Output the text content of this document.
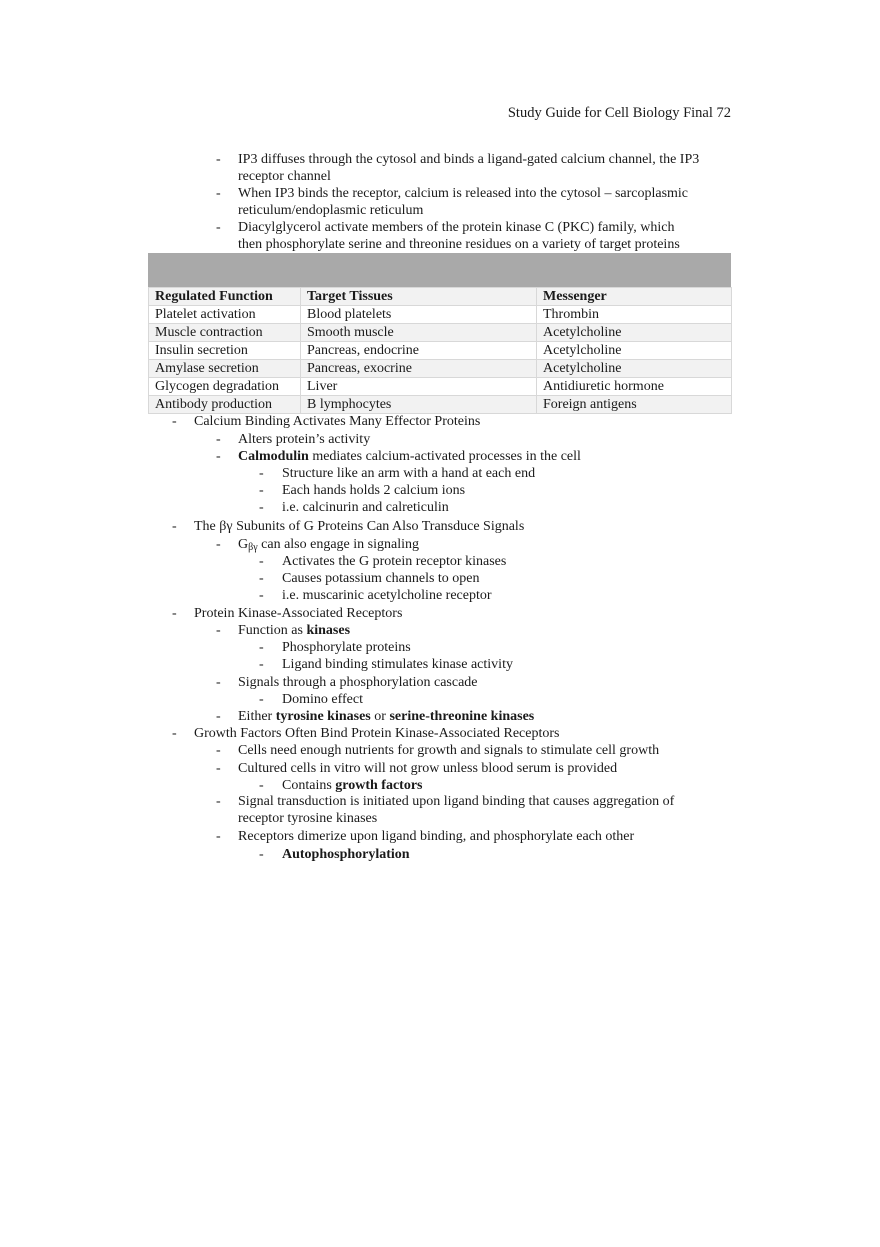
Study Guide for Cell Biology Final 72
- IP3 diffuses through the cytosol and binds a ligand-gated calcium channel, the IP3
receptor channel
- When IP3 binds the receptor, calcium is released into the cytosol – sarcoplasmic
reticulum/endoplasmic reticulum
- Diacylglycerol activate members of the protein kinase C (PKC) family, which
then phosphorylate serine and threonine residues on a variety of target proteins
Regulated Function	Target Tissues	Messenger
Platelet activation	Blood platelets	Thrombin
Muscle contraction	Smooth muscle	Acetylcholine
Insulin secretion	Pancreas, endocrine	Acetylcholine
Amylase secretion	Pancreas, exocrine	Acetylcholine
Glycogen degradation	Liver	Antidiuretic hormone
Antibody production	B lymphocytes	Foreign antigens
- Calcium Binding Activates Many Effector Proteins
- Alters protein’s activity
- Calmodulin mediates calcium-activated processes in the cell
- Structure like an arm with a hand at each end
- Each hands holds 2 calcium ions
- i.e. calcinurin and calreticulin
- The βγ Subunits of G Proteins Can Also Transduce Signals
- $G_{\beta\gamma}$ can also engage in signaling
- Activates the G protein receptor kinases
- Causes potassium channels to open
- i.e. muscarinic acetylcholine receptor
- Protein Kinase-Associated Receptors
- Function as kinases
- Phosphorylate proteins
- Ligand binding stimulates kinase activity
- Signals through a phosphorylation cascade
- Domino effect
- Either tyrosine kinases or serine-threonine kinases
- Growth Factors Often Bind Protein Kinase-Associated Receptors
- Cells need enough nutrients for growth and signals to stimulate cell growth
- Cultured cells in vitro will not grow unless blood serum is provided
- Contains growth factors
- Signal transduction is initiated upon ligand binding that causes aggregation of
receptor tyrosine kinases
- Receptors dimerize upon ligand binding, and phosphorylate each other
- Autophosphorylation
